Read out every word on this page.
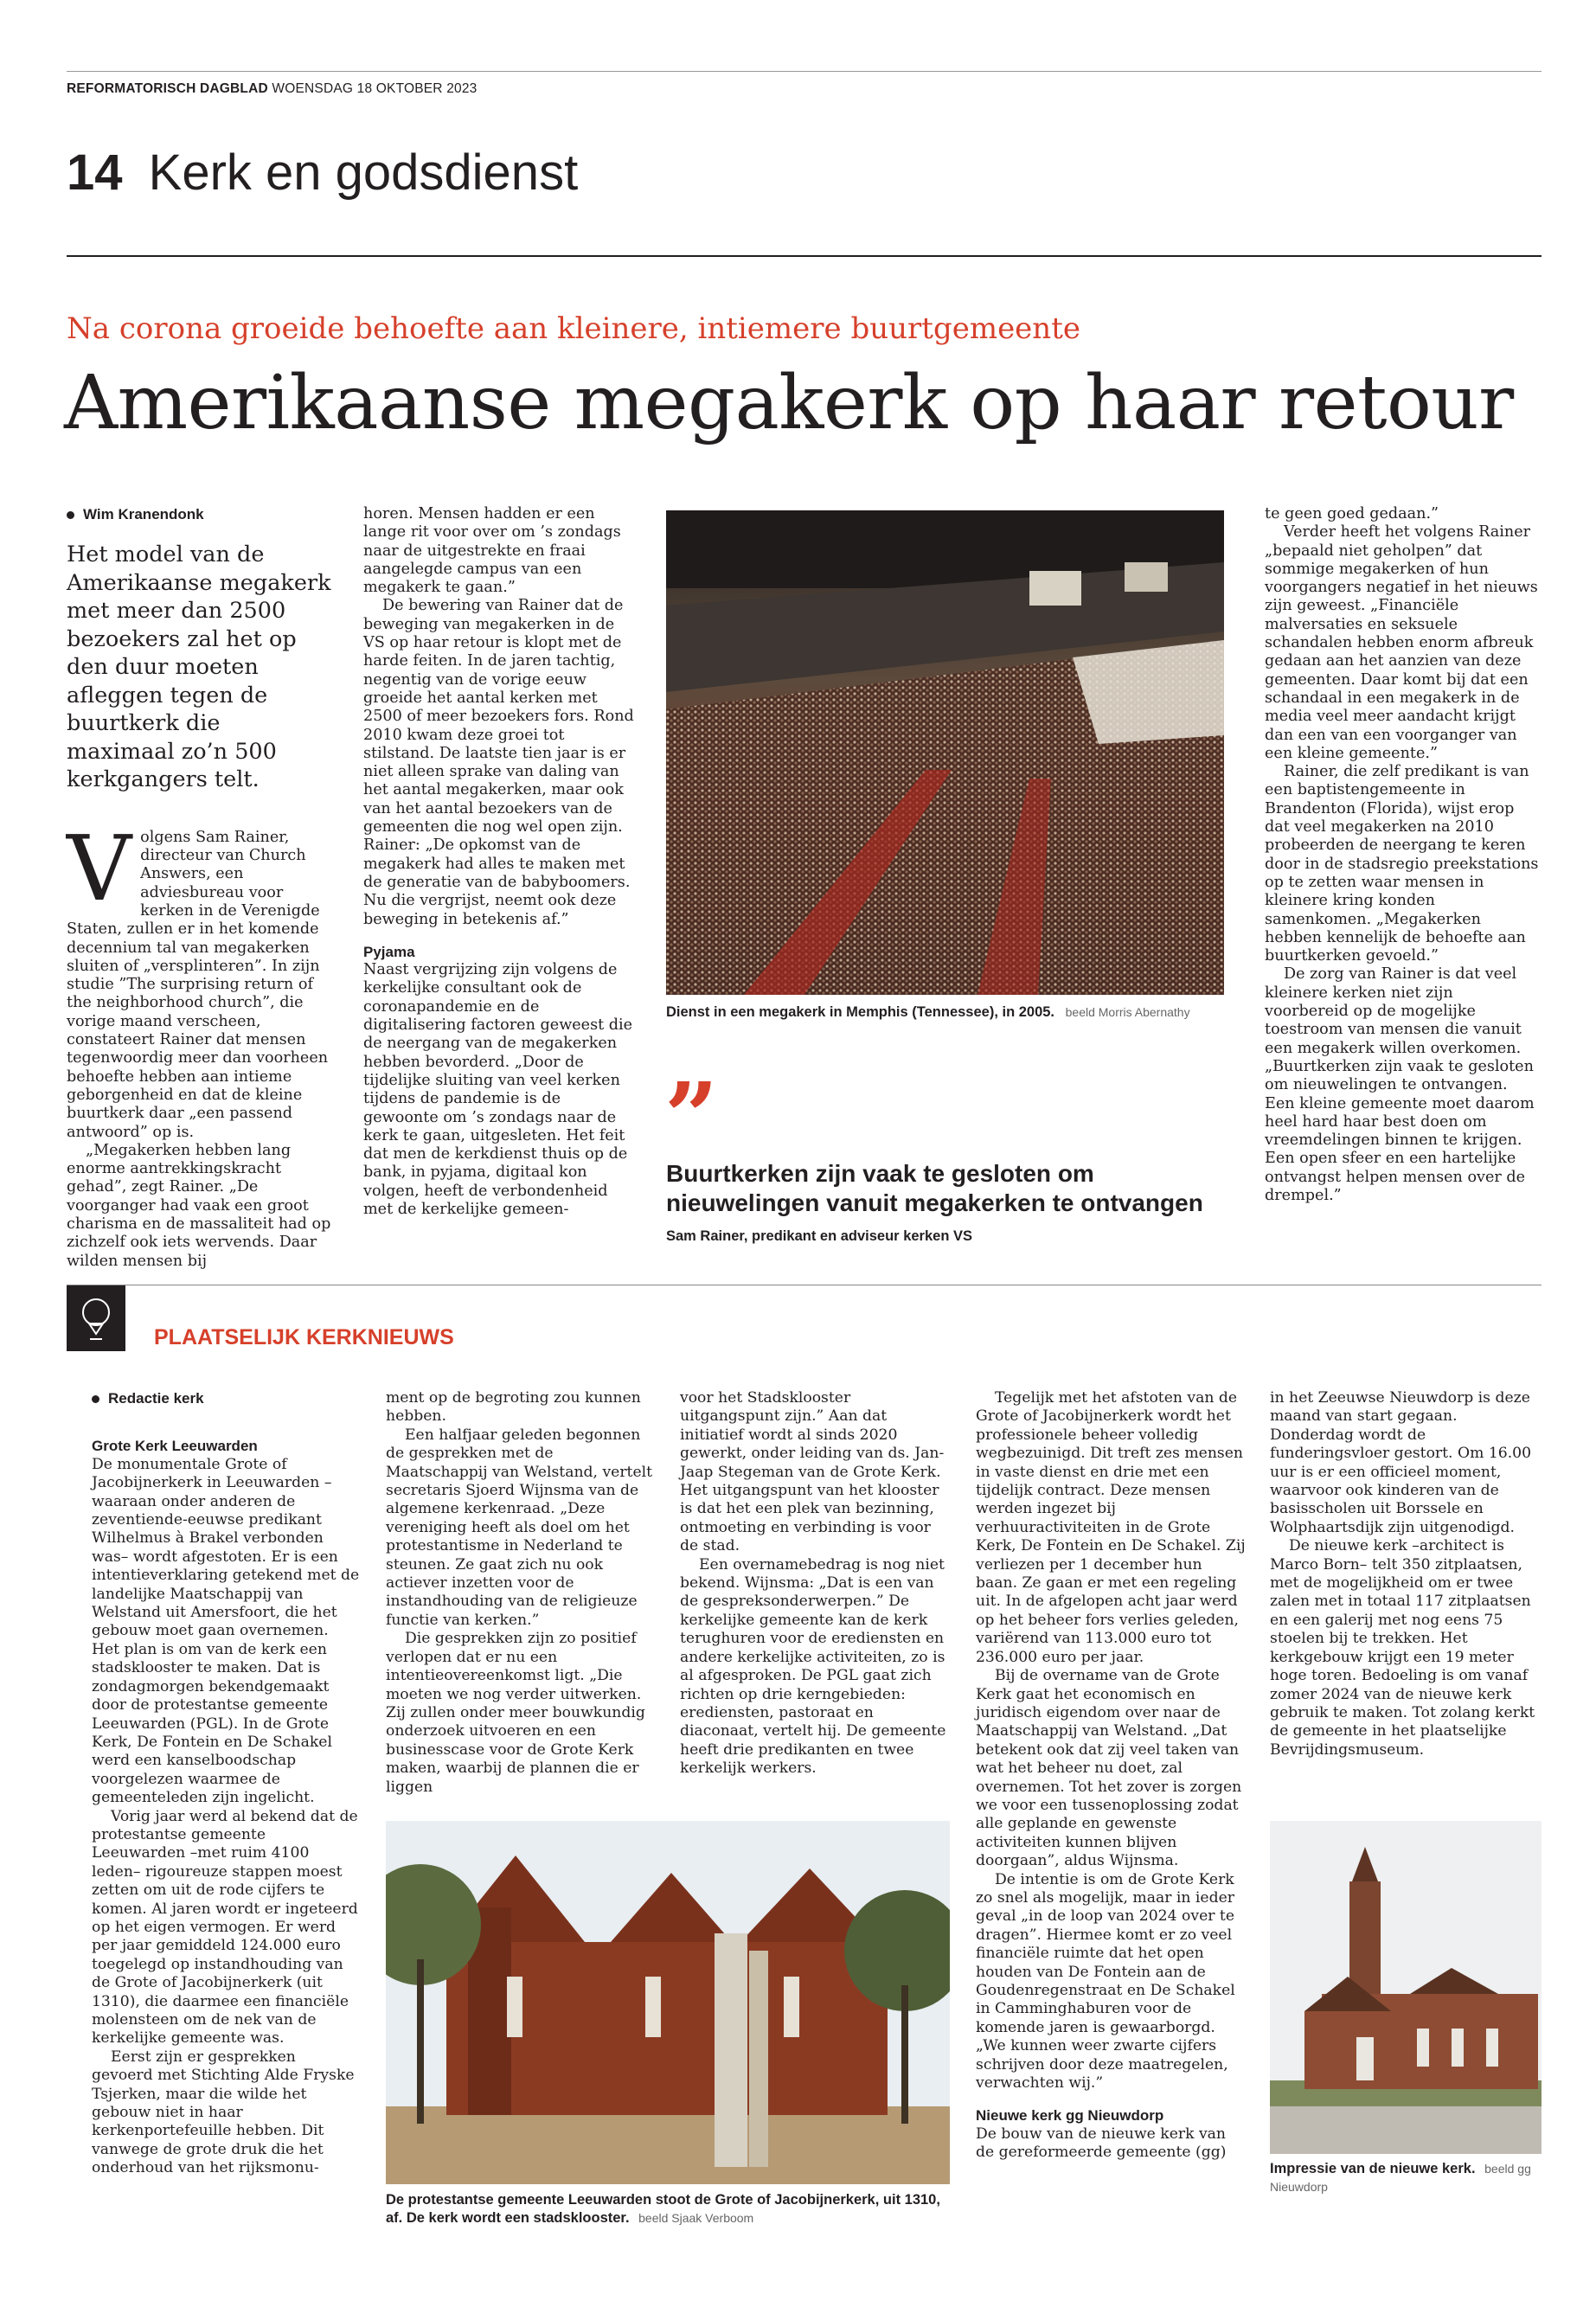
REFORMATORISCH DAGBLAD WOENSDAG 18 OKTOBER 2023
14 Kerk en godsdienst
Na corona groeide behoefte aan kleinere, intiemere buurtgemeente
Amerikaanse megakerk op haar retour
Wim Kranendonk
Het model van de Amerikaanse megakerk met meer dan 2500 bezoekers zal het op den duur moeten afleggen tegen de buurtkerk die maximaal zo’n 500 kerkgangers telt.

Volgens Sam Rainer, directeur van Church Answers, een adviesbureau voor kerken in de Verenigde Staten, zullen er in het komende decennium tal van megakerken sluiten of „versplinteren”. In zijn studie ”The surprising return of the neighborhood church”, die vorige maand verscheen, constateert Rainer dat mensen tegenwoordig meer dan voorheen behoefte hebben aan intieme geborgenheid en dat de kleine buurtkerk daar „een passend antwoord” op is.

„Megakerken hebben lang enorme aantrekkingskracht gehad”, zegt Rainer. „De voorganger had vaak een groot charisma en de massaliteit had op zichzelf ook iets wervends. Daar wilden mensen bij

horen. Mensen hadden er een lange rit voor over om ’s zondags naar de uitgestrekte en fraai aangelegde campus van een megakerk te gaan.”

De bewering van Rainer dat de beweging van megakerken in de VS op haar retour is klopt met de harde feiten. In de jaren tachtig, negentig van de vorige eeuw groeide het aantal kerken met 2500 of meer bezoekers fors. Rond 2010 kwam deze groei tot stilstand. De laatste tien jaar is er niet alleen sprake van daling van het aantal megakerken, maar ook van het aantal bezoekers van de gemeenten die nog wel open zijn. Rainer: „De opkomst van de megakerk had alles te maken met de generatie van de babyboomers. Nu die vergrijst, neemt ook deze beweging in betekenis af.”

Pyjama

Naast vergrijzing zijn volgens de kerkelijke consultant ook de coronapandemie en de digitalisering factoren geweest die de neergang van de megakerken hebben bevorderd. „Door de tijdelijke sluiting van veel kerken tijdens de pandemie is de gewoonte om ’s zondags naar de kerk te gaan, uitgesleten. Het feit dat men de kerkdienst thuis op de bank, in pyjama, digitaal kon volgen, heeft de verbondenheid met de kerkelijke gemeen-

Dienst in een megakerk in Memphis (Tennessee), in 2005. beeld Morris Abernathy
„
Buurtkerken zijn vaak te gesloten om nieuwelingen vanuit megakerken te ontvangen
Sam Rainer, predikant en adviseur kerken VS

te geen goed gedaan.”

Verder heeft het volgens Rainer „bepaald niet geholpen” dat sommige megakerken of hun voorgangers negatief in het nieuws zijn geweest. „Financiële malversaties en seksuele schandalen hebben enorm afbreuk gedaan aan het aanzien van deze gemeenten. Daar komt bij dat een schandaal in een megakerk in de media veel meer aandacht krijgt dan een van een voorganger van een kleine gemeente.”

Rainer, die zelf predikant is van een baptistengemeente in Brandenton (Florida), wijst erop dat veel megakerken na 2010 probeerden de neergang te keren door in de stadsregio preekstations op te zetten waar mensen in kleinere kring konden samenkomen. „Megakerken hebben kennelijk de behoefte aan buurtkerken gevoeld.”

De zorg van Rainer is dat veel kleinere kerken niet zijn voorbereid op de mogelijke toestroom van mensen die vanuit een megakerk willen overkomen. „Buurtkerken zijn vaak te gesloten om nieuwelingen te ontvangen. Een kleine gemeente moet daarom heel hard haar best doen om vreemdelingen binnen te krijgen. Een open sfeer en een hartelijke ontvangst helpen mensen over de drempel.”

PLAATSELIJK KERKNIEUWS
Redactie kerk

Grote Kerk Leeuwarden

De monumentale Grote of Jacobijnerkerk in Leeuwarden –waaraan onder anderen de zeventiende-eeuwse predikant Wilhelmus à Brakel verbonden was– wordt afgestoten. Er is een intentieverklaring getekend met de landelijke Maatschappij van Welstand uit Amersfoort, die het gebouw moet gaan overnemen. Het plan is om van de kerk een stadsklooster te maken. Dat is zondagmorgen bekendgemaakt door de protestantse gemeente Leeuwarden (PGL). In de Grote Kerk, De Fontein en De Schakel werd een kanselboodschap voorgelezen waarmee de gemeenteleden zijn ingelicht.

Vorig jaar werd al bekend dat de protestantse gemeente Leeuwarden –met ruim 4100 leden– rigoureuze stappen moest zetten om uit de rode cijfers te komen. Al jaren wordt er ingeteerd op het eigen vermogen. Er werd per jaar gemiddeld 124.000 euro toegelegd op instandhouding van de Grote of Jacobijnerkerk (uit 1310), die daarmee een financiële molensteen om de nek van de kerkelijke gemeente was.

Eerst zijn er gesprekken gevoerd met Stichting Alde Fryske Tsjerken, maar die wilde het gebouw niet in haar kerkenportefeuille hebben. Dit vanwege de grote druk die het onderhoud van het rijksmonu-

ment op de begroting zou kunnen hebben.

Een halfjaar geleden begonnen de gesprekken met de Maatschappij van Welstand, vertelt secretaris Sjoerd Wijnsma van de algemene kerkenraad. „Deze vereniging heeft als doel om het protestantisme in Nederland te steunen. Ze gaat zich nu ook actiever inzetten voor de instandhouding van de religieuze functie van kerken.”

Die gesprekken zijn zo positief verlopen dat er nu een intentieovereenkomst ligt. „Die moeten we nog verder uitwerken. Zij zullen onder meer bouwkundig onderzoek uitvoeren en een businesscase voor de Grote Kerk maken, waarbij de plannen die er liggen

voor het Stadsklooster uitgangspunt zijn.” Aan dat initiatief wordt al sinds 2020 gewerkt, onder leiding van ds. Jan-Jaap Stegeman van de Grote Kerk. Het uitgangspunt van het klooster is dat het een plek van bezinning, ontmoeting en verbinding is voor de stad.

Een overnamebedrag is nog niet bekend. Wijnsma: „Dat is een van de gespreksonderwerpen.” De kerkelijke gemeente kan de kerk terughuren voor de erediensten en andere kerkelijke activiteiten, zo is al afgesproken. De PGL gaat zich richten op drie kerngebieden: erediensten, pastoraat en diaconaat, vertelt hij. De gemeente heeft drie predikanten en twee kerkelijk werkers.

De protestantse gemeente Leeuwarden stoot de Grote of Jacobijnerkerk, uit 1310, af. De kerk wordt een stadsklooster. beeld Sjaak Verboom

Tegelijk met het afstoten van de Grote of Jacobijnerkerk wordt het professionele beheer volledig wegbezuinigd. Dit treft zes mensen in vaste dienst en drie met een tijdelijk contract. Deze mensen werden ingezet bij verhuuractiviteiten in de Grote Kerk, De Fontein en De Schakel. Zij verliezen per 1 december hun baan. Ze gaan er met een regeling uit. In de afgelopen acht jaar werd op het beheer fors verlies geleden, variërend van 113.000 euro tot 236.000 euro per jaar.

Bij de overname van de Grote Kerk gaat het economisch en juridisch eigendom over naar de Maatschappij van Welstand. „Dat betekent ook dat zij veel taken van wat het beheer nu doet, zal overnemen. Tot het zover is zorgen we voor een tussenoplossing zodat alle geplande en gewenste activiteiten kunnen blijven doorgaan”, aldus Wijnsma.

De intentie is om de Grote Kerk zo snel als mogelijk, maar in ieder geval „in de loop van 2024 over te dragen”. Hiermee komt er zo veel financiële ruimte dat het open houden van De Fontein aan de Goudenregenstraat en De Schakel in Camminghaburen voor de komende jaren is gewaarborgd. „We kunnen weer zwarte cijfers schrijven door deze maatregelen, verwachten wij.”

Nieuwe kerk gg Nieuwdorp

De bouw van de nieuwe kerk van de gereformeerde gemeente (gg)

in het Zeeuwse Nieuwdorp is deze maand van start gegaan. Donderdag wordt de funderingsvloer gestort. Om 16.00 uur is er een officieel moment, waarvoor ook kinderen van de basisscholen uit Borssele en Wolphaartsdijk zijn uitgenodigd.

De nieuwe kerk –architect is Marco Born– telt 350 zitplaatsen, met de mogelijkheid om er twee zalen met in totaal 117 zitplaatsen en een galerij met nog eens 75 stoelen bij te trekken. Het kerkgebouw krijgt een 19 meter hoge toren. Bedoeling is om vanaf zomer 2024 van de nieuwe kerk gebruik te maken. Tot zolang kerkt de gemeente in het plaatselijke Bevrijdingsmuseum.

Impressie van de nieuwe kerk. beeld gg Nieuwdorp
